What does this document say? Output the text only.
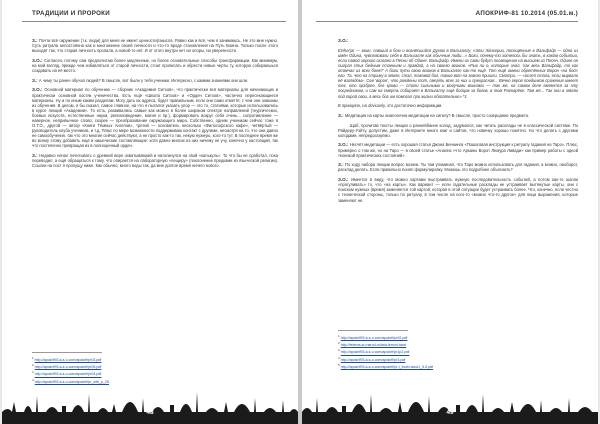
ТРАДИЦИИ И ПРОРОКИ

З.: Почти всё окружение (т.к. люди) для меня не имеет ценности(смысла. Равно как и всё, чем я занимаюсь. Не это мне нужно. Суть ритуала непостоянна как и многожение своей личности и что-то вроде становления на Путь Воина. Только после этого выходят так, что старая личность пропала, а новой-то нет. И от этого внутри нет ни опоры, ни уверенности.

З.О.: Согласен, потому сам предпочитаю более медленные, но более основательные способы трансформации. Как минимум, на мой взгляд, прежде чем избавляться от старой личности, стоит прописать и обрести новые черты ту, которую собираешься создавать на её место.

З.: А чему ты ранее обучал людей? В смысле, вот были у тебя ученики. Интересно, с какими знаниями они шли.

З.О.: Основной материал по обучению — сборник «Академия Ситхов», что практически вся материалы для начинающих и практически основной костяк ученичества. Есть ещё «Школа Ситхов» и «Орден Ситхов», частично пересекающиеся материалы. Ну и по иным каким разделам. Могу дать их адреса, будет правильным, если они сами отметят, с чем они знакомы из обучения. В целом, я бы сказал, самое главное, на что я пытался указать упор — это то, статиями, которые использовались в курсе лекций «Академии». То есть, развивались самые как можно в более широком спектре направлений (теургических, боевых искусств, естественные науки, религиоведение, магия и пр.), формировать вокруг себя очень... сопротивление — наверное, непривычное слово, скорее — преобразование окружающего мира. Собственно, одним ученикам сейчас тоже в О.Т.О., другой — автор «Книги Тёмных Ангелов», третий — основатель несколько «Философского кафе», четвёртый — руководитель клуба учеников, и т.д. Плюс по мере возможности поддерживаю контакт с другими, несмотря на то, что они давно не самообучения, так что это многие сейчас действуют, а не просто как-то так, некую нужную, кого-то тут. В последнее время же во всему этому добавить ещё и нишеческие составляющие: хотя давно многих из них ничему не учу, конечно у настоящий, так что постепенно превращая из в полноценный орден.

З.: Недавно начал почитывать о древней вере охватывавшей и натолкнулся на свой «калькуль». То что бы не сработал, пока переводил, а ещё обращаться к тому, что опирается на лабораторную «пещеру» (поклонение предками из языческой религии). Ссылки на пост я пропущу ниже. Как обычно, много воды так, да мне долгое время ничего нового.

$^1$ http://apokrif93.a-s-o.com/apokrif/pr03.pdf
$^2$ http://apokrif93.a-s-o.com/apokrif/pr05.pdf
$^3$ http://apokrif93.a-s-o.com/apokrif/pr04.pdf
$^4$ http://apokrif93.a-s-o.com/apokrif/pr_sith_p_25
48
АПОКРИФ-81 10.2014 (05.01.м.)

З.О.:

Einherjar — воин, павший в бою и вознёсшийся Духом в Вальхаллу. «Эти Эйнхерии, посещённые в Вальфадр — одно из имён Одина, чувствовали себя в Вальхалле как обычные люди...» Боги, почему-то хотелось бы знать, в каком событии, если самой хорошо сказано в Песни об Одине. Вальфадр. Имени их сами будут посвящения на высшем из Песен. Одине он сыграл стих бедным стаеньем и правдой, а на своего воинов. «Рык ли о, которые знал, ‘как весь Вальфадр, то как отвечал из всех боев?’ А боги пути свою воинов в Вальхалле как-то ещё. Тот ещё имени обретённых Ворон «на бой» его. Та, что на стражу в земле, стал, таковой бог, такие вот на землю пришли, Смотри, — «ослеп стала, если вырвало её взглядом». Сев ‘ворон’, что рождены тот, смерть всех за них и прекрасная... Вечно героя поединков сражения имеет тех, кто храбрее, без крови — стали сильными и могучими воинами — так же, на самом деле является за эту посредником, и сам на смерть собирает в Вальгаллу ещё бойцов за богов, в том Рагнарёке. Там же... Так они в землю под горой свои, а весь бог им помогал при жизни обязательно».^1

В принципе, на obviously, это достаточно информации.

З.: Медитация на карты аналогична медитации на сигилу? В смысле, просто созерцание предмета.

Щаб, прочитав тексты лекции о раннейбанне колод, задумался, как читать расклады не в классической системе. По Райдеру-Уэйту, допустим, даже в Интернете много книг и сайтов, что новичку хорошо понятно. Но что делать с другими колодами, непредсказуемо.

З.О.: Несчёт медитации — есть хорошая статья Джона Беннинга «Пошаговая инструкция к ритуалу гадания на Таро». Плюс, примерно о том же, но на Таро — в своей статье «Анализ «что Арканы Ворот Лемура Ливади» как пример работы с одной техникой практических состояний».

З.: По ходу набора лекции вопрос возник. Ты там упоминал, что Таро можно использовать для гадания, а можно, наоборот, расклад делать. Если правильно понял формулировку. Можешь это подробнее объяснить?

З.О.: Имеется в виду, что можно картами выстраивать нужную последовательность событий, а потом как-то шагом «прогуливать» то, что «на карты». Как вариант — если гадательные расклады не устраивает вытянутые карты, они с поиском нужных (время) заменяется той картой, которая в этой ситуации будет устраивать более. Что, конечно, если честно с технической стороны, только по ритуалу, в том числе на кого-то «можно что-то другое» для лица выражения, которые заменяют не.

$^1$ http://apokrif93.a-s-o.com/apokrif/pr92.pdf
$^2$ http://telema-su.narod.ru/aria-lemuri-tarot
$^3$ http://apokrif93.a-s-o.com/apokrif/pr1p2.pdf
$^4$ http://apokrif93.a-s-o.com/apokrif/pr3.pdf
$^5$ http://apokrif93.a-s-o.com/apokrif/pr-t_thoth-tarot-t_5.5.pdf
49
